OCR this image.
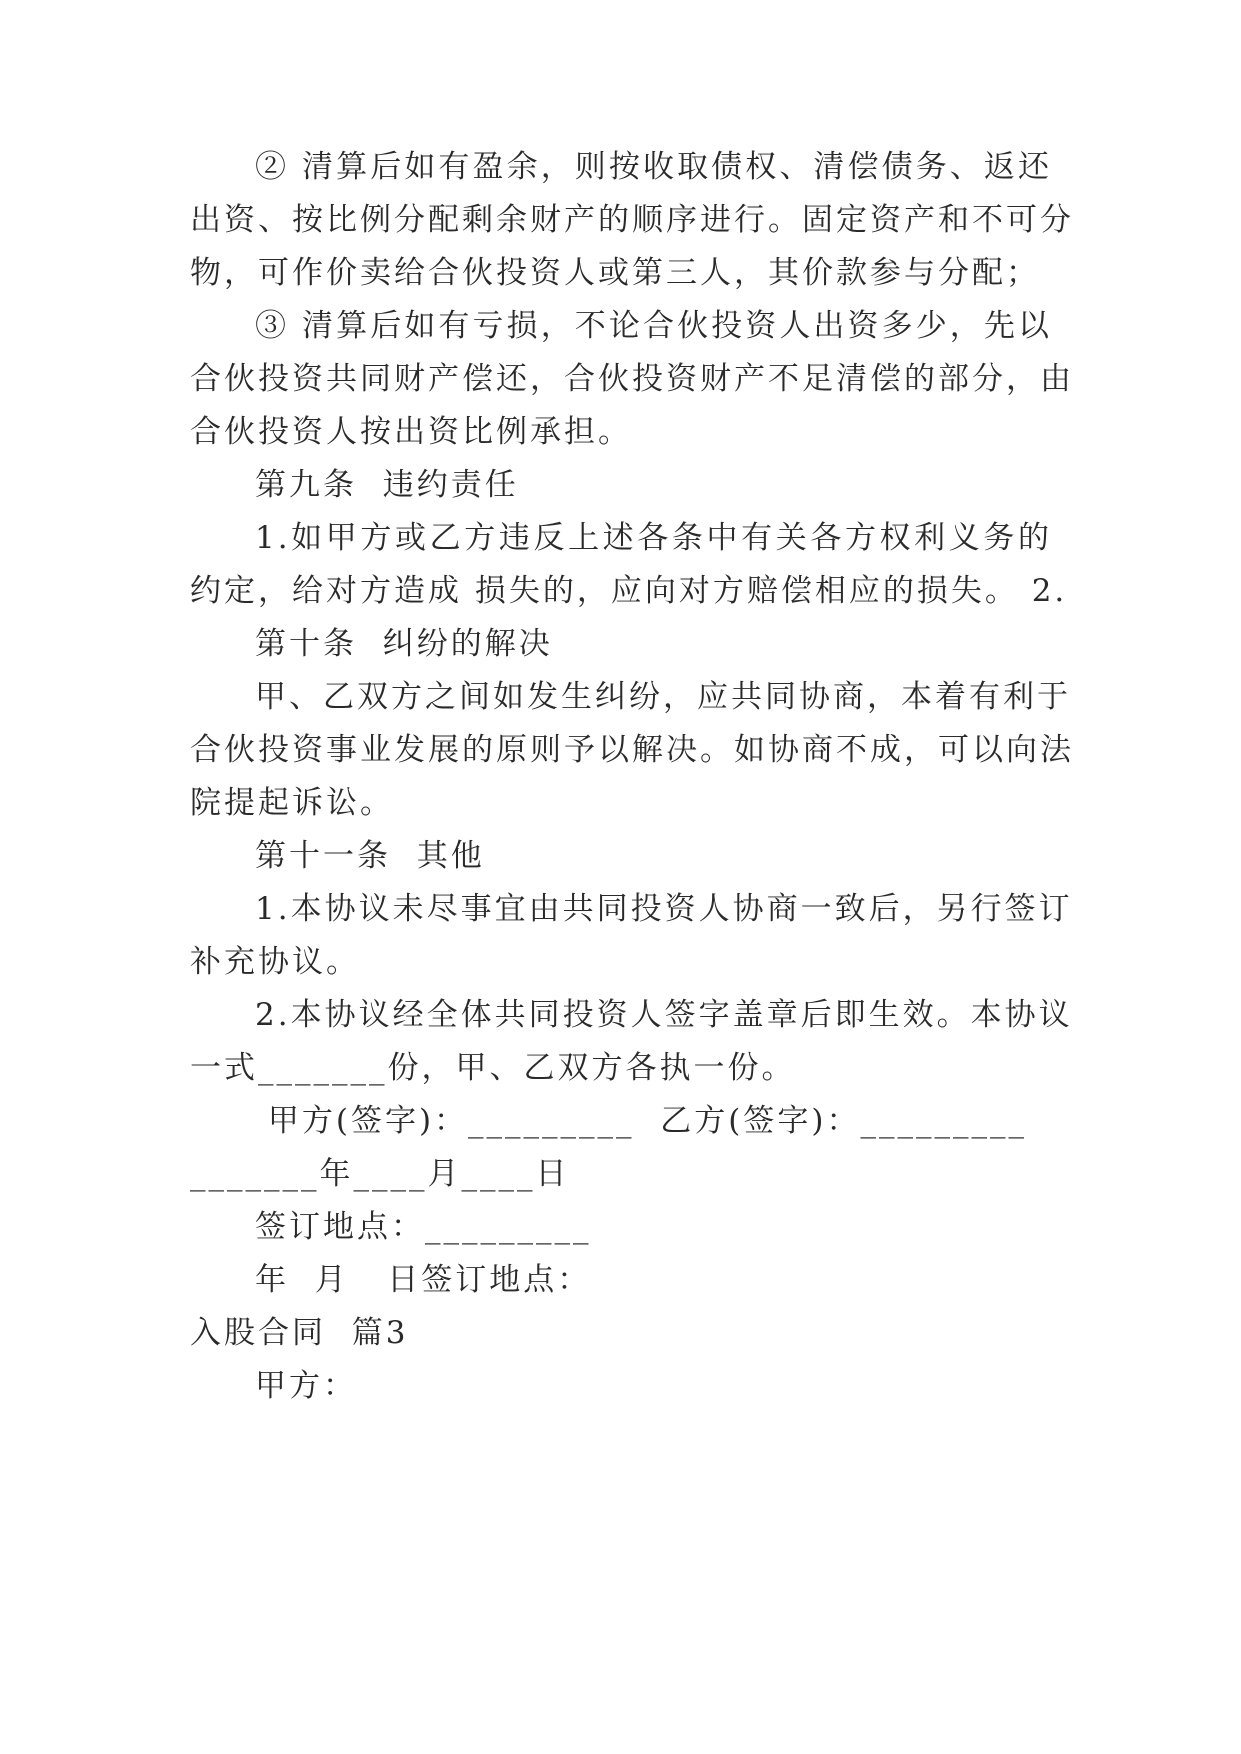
② 清算后如有盈余，则按收取债权、清偿债务、返还
出资、按比例分配剩余财产的顺序进行。固定资产和不可分
物，可作价卖给合伙投资人或第三人，其价款参与分配；
③ 清算后如有亏损，不论合伙投资人出资多少，先以
合伙投资共同财产偿还，合伙投资财产不足清偿的部分，由
合伙投资人按出资比例承担。
第九条  违约责任
1.如甲方或乙方违反上述各条中有关各方权利义务的
约定，给对方造成 损失的，应向对方赔偿相应的损失。 2.
第十条  纠纷的解决
甲、乙双方之间如发生纠纷，应共同协商，本着有利于
合伙投资事业发展的原则予以解决。如协商不成，可以向法
院提起诉讼。
第十一条  其他
1.本协议未尽事宜由共同投资人协商一致后，另行签订
补充协议。
2.本协议经全体共同投资人签字盖章后即生效。本协议
一式_______份，甲、乙双方各执一份。
甲方(签字)：_________  乙方(签字)：_________
_______年____月____日
签订地点：_________
年  月   日签订地点：
入股合同  篇3
甲方：
